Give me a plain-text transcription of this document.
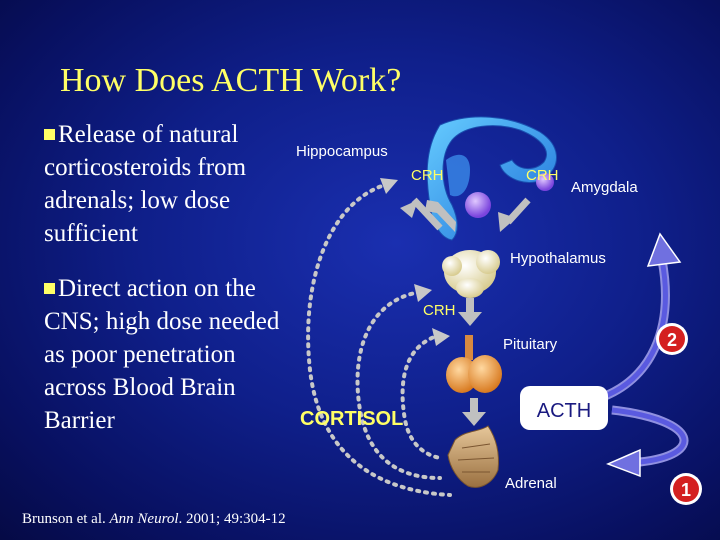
How Does ACTH Work?
Release of natural corticosteroids from adrenals; low dose sufficient
Direct action on the CNS; high dose needed as poor penetration across Blood Brain Barrier	ACTH
2
1
Hippocampus
CRH	CRH
Amygdala
Hypothalamus
CRH
Pituitary
CORTISOL
Adrenal
Brunson et al. Ann Neurol. 2001; 49:304-12
